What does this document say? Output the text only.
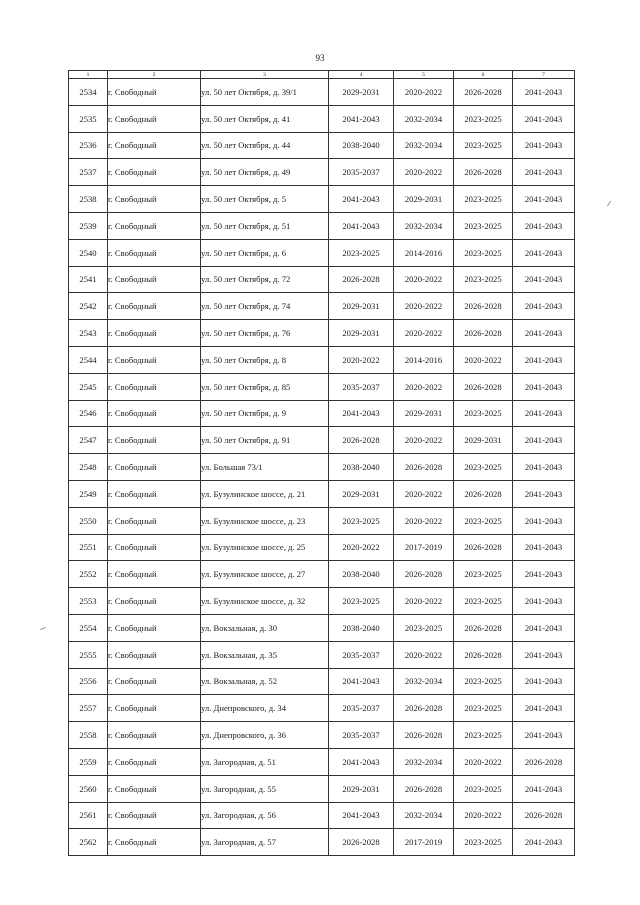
93
1	2	3	4	5	6	7
2534	г. Свободный	ул. 50 лет Октября, д. 39/1	2029-2031	2020-2022	2026-2028	2041-2043
2535	г. Свободный	ул. 50 лет Октября, д. 41	2041-2043	2032-2034	2023-2025	2041-2043
2536	г. Свободный	ул. 50 лет Октября, д. 44	2038-2040	2032-2034	2023-2025	2041-2043
2537	г. Свободный	ул. 50 лет Октября, д. 49	2035-2037	2020-2022	2026-2028	2041-2043
2538	г. Свободный	ул. 50 лет Октября, д. 5	2041-2043	2029-2031	2023-2025	2041-2043
2539	г. Свободный	ул. 50 лет Октября, д. 51	2041-2043	2032-2034	2023-2025	2041-2043
2540	г. Свободный	ул. 50 лет Октября, д. 6	2023-2025	2014-2016	2023-2025	2041-2043
2541	г. Свободный	ул. 50 лет Октября, д. 72	2026-2028	2020-2022	2023-2025	2041-2043
2542	г. Свободный	ул. 50 лет Октября, д. 74	2029-2031	2020-2022	2026-2028	2041-2043
2543	г. Свободный	ул. 50 лет Октября, д. 76	2029-2031	2020-2022	2026-2028	2041-2043
2544	г. Свободный	ул. 50 лет Октября, д. 8	2020-2022	2014-2016	2020-2022	2041-2043
2545	г. Свободный	ул. 50 лет Октября, д. 85	2035-2037	2020-2022	2026-2028	2041-2043
2546	г. Свободный	ул. 50 лет Октября, д. 9	2041-2043	2029-2031	2023-2025	2041-2043
2547	г. Свободный	ул. 50 лет Октября, д. 91	2026-2028	2020-2022	2029-2031	2041-2043
2548	г. Свободный	ул. Большая 73/1	2038-2040	2026-2028	2023-2025	2041-2043
2549	г. Свободный	ул. Бузулинское шоссе, д. 21	2029-2031	2020-2022	2026-2028	2041-2043
2550	г. Свободный	ул. Бузулинское шоссе, д. 23	2023-2025	2020-2022	2023-2025	2041-2043
2551	г. Свободный	ул. Бузулинское шоссе, д. 25	2020-2022	2017-2019	2026-2028	2041-2043
2552	г. Свободный	ул. Бузулинское шоссе, д. 27	2038-2040	2026-2028	2023-2025	2041-2043
2553	г. Свободный	ул. Бузулинское шоссе, д. 32	2023-2025	2020-2022	2023-2025	2041-2043
2554	г. Свободный	ул. Вокзальная, д. 30	2038-2040	2023-2025	2026-2028	2041-2043
2555	г. Свободный	ул. Вокзальная, д. 35	2035-2037	2020-2022	2026-2028	2041-2043
2556	г. Свободный	ул. Вокзальная, д. 52	2041-2043	2032-2034	2023-2025	2041-2043
2557	г. Свободный	ул. Днепровского, д. 34	2035-2037	2026-2028	2023-2025	2041-2043
2558	г. Свободный	ул. Днепровского, д. 36	2035-2037	2026-2028	2023-2025	2041-2043
2559	г. Свободный	ул. Загородная, д. 51	2041-2043	2032-2034	2020-2022	2026-2028
2560	г. Свободный	ул. Загородная, д. 55	2029-2031	2026-2028	2023-2025	2041-2043
2561	г. Свободный	ул. Загородная, д. 56	2041-2043	2032-2034	2020-2022	2026-2028
2562	г. Свободный	ул. Загородная, д. 57	2026-2028	2017-2019	2023-2025	2041-2043
